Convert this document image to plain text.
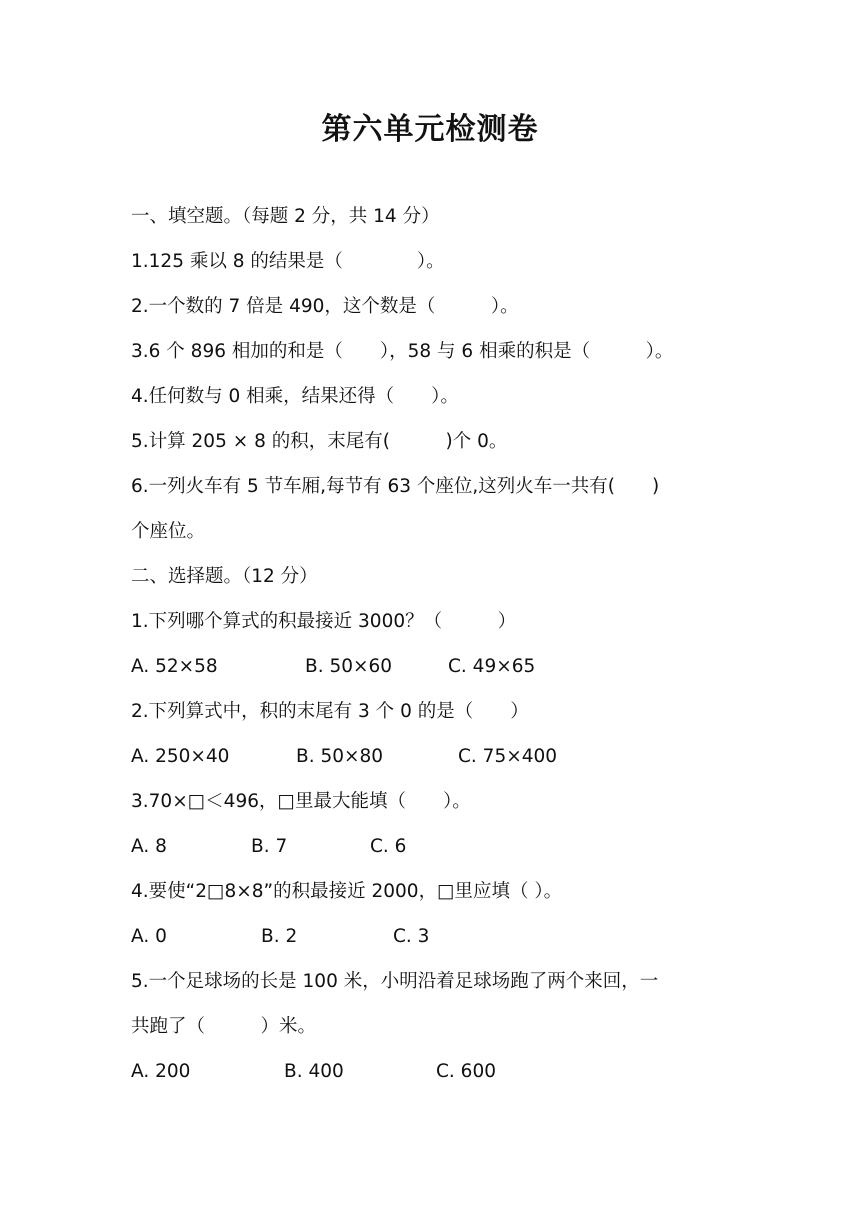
第六单元检测卷
一、填空题。（每题 2 分，共 14 分）
1.125 乘以 8 的结果是（　　　　）。
2.一个数的 7 倍是 490，这个数是（　　　）。
3.6 个 896 相加的和是（　　），58 与 6 相乘的积是（　　　）。
4.任何数与 0 相乘，结果还得（　　）。
5.计算 205 × 8 的积，末尾有(　　　)个 0。
6.一列火车有 5 节车厢,每节有 63 个座位,这列火车一共有(　　)
个座位。
二、选择题。（12 分）
1.下列哪个算式的积最接近 3000？（　　　）
A. 52×58	B. 50×60	C. 49×65
2.下列算式中，积的末尾有 3 个 0 的是（　　）
A. 250×40	B. 50×80	C. 75×400
3.70×□＜496，□里最大能填（　　）。
A. 8	B. 7	C. 6
4.要使“2□8×8”的积最接近 2000，□里应填（ ）。
A. 0	B. 2	C. 3
5.一个足球场的长是 100 米，小明沿着足球场跑了两个来回，一
共跑了（　　　）米。
A. 200	B. 400	C. 600
